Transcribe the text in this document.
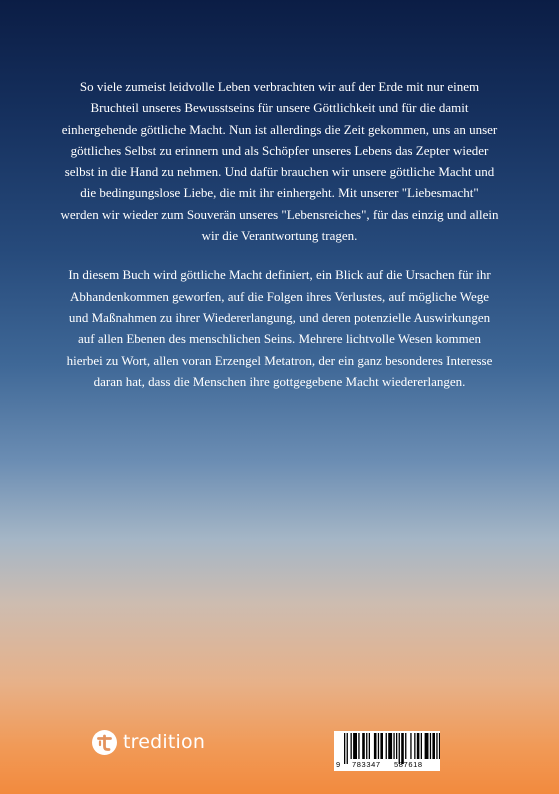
So viele zumeist leidvolle Leben verbrachten wir auf der Erde mit nur einem Bruchteil unseres Bewusstseins für unsere Göttlichkeit und für die damit einhergehende göttliche Macht. Nun ist allerdings die Zeit gekommen, uns an unser göttliches Selbst zu erinnern und als Schöpfer unseres Lebens das Zepter wieder selbst in die Hand zu nehmen. Und dafür brauchen wir unsere göttliche Macht und die bedingungslose Liebe, die mit ihr einhergeht. Mit unserer "Liebesmacht" werden wir wieder zum Souverän unseres "Lebensreiches", für das einzig und allein wir die Verantwortung tragen.

In diesem Buch wird göttliche Macht definiert, ein Blick auf die Ursachen für ihr Abhandenkommen geworfen, auf die Folgen ihres Verlustes, auf mögliche Wege und Maßnahmen zu ihrer Wiedererlangung, und deren potenzielle Auswirkungen auf allen Ebenen des menschlichen Seins. Mehrere lichtvolle Wesen kommen hierbei zu Wort, allen voran Erzengel Metatron, der ein ganz besonderes Interesse daran hat, dass die Menschen ihre gottgegebene Macht wiedererlangen.

tredition
9 783347 587618
